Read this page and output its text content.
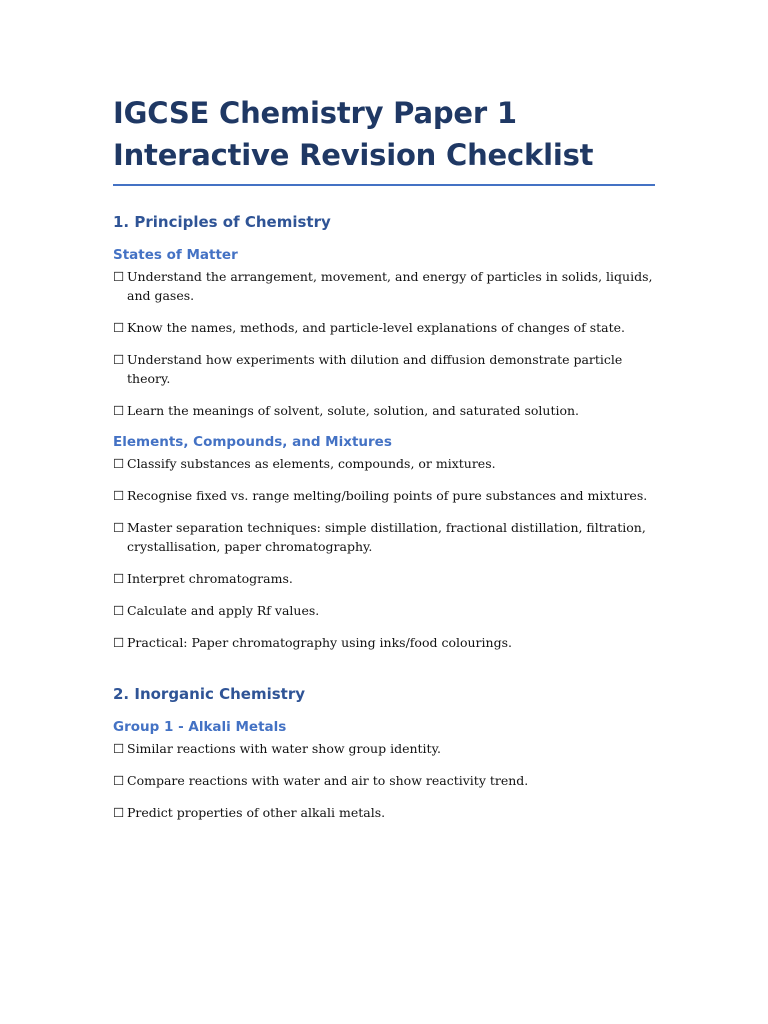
IGCSE Chemistry Paper 1 Interactive Revision Checklist
1. Principles of Chemistry
States of Matter

☐ Understand the arrangement, movement, and energy of particles in solids, liquids, and gases.

☐ Know the names, methods, and particle-level explanations of changes of state.

☐ Understand how experiments with dilution and diffusion demonstrate particle theory.

☐ Learn the meanings of solvent, solute, solution, and saturated solution.

Elements, Compounds, and Mixtures

☐ Classify substances as elements, compounds, or mixtures.

☐ Recognise fixed vs. range melting/boiling points of pure substances and mixtures.

☐ Master separation techniques: simple distillation, fractional distillation, filtration, crystallisation, paper chromatography.

☐ Interpret chromatograms.

☐ Calculate and apply Rf values.

☐ Practical: Paper chromatography using inks/food colourings.

2. Inorganic Chemistry
Group 1 - Alkali Metals

☐ Similar reactions with water show group identity.

☐ Compare reactions with water and air to show reactivity trend.

☐ Predict properties of other alkali metals.
